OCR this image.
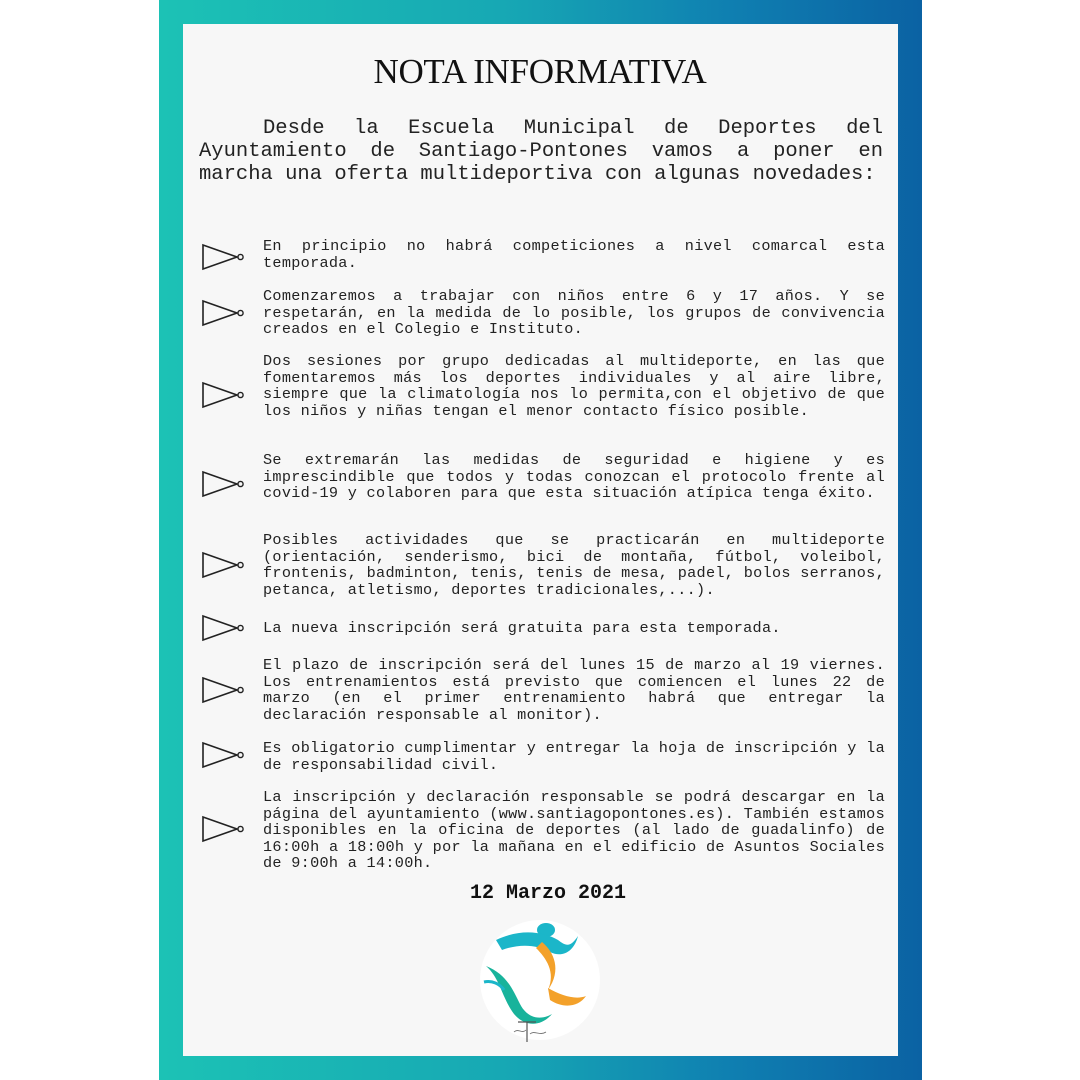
NOTA INFORMATIVA
Desde la Escuela Municipal de Deportes del Ayuntamiento de Santiago-Pontones vamos a poner en marcha una oferta multideportiva con algunas novedades:
En principio no habrá competiciones a nivel comarcal esta temporada.
Comenzaremos a trabajar con niños entre 6 y 17 años. Y se respetarán, en la medida de lo posible, los grupos de convivencia creados en el Colegio e Instituto.
Dos sesiones por grupo dedicadas al multideporte, en las que fomentaremos más los deportes individuales y al aire libre, siempre que la climatología nos lo permita,con el objetivo de que los niños y niñas tengan el menor contacto físico posible.
Se extremarán las medidas de seguridad e higiene y es imprescindible que todos y todas conozcan el protocolo frente al covid-19 y colaboren para que esta situación atípica tenga éxito.
Posibles actividades que se practicarán en multideporte (orientación, senderismo, bici de montaña, fútbol, voleibol, frontenis, badminton, tenis, tenis de mesa, padel, bolos serranos, petanca, atletismo, deportes tradicionales,...).
La nueva inscripción será gratuita para esta temporada.
El plazo de inscripción será del lunes 15 de marzo al 19 viernes. Los entrenamientos está previsto que comiencen el lunes 22 de marzo (en el primer entrenamiento habrá que entregar la declaración responsable al monitor).
Es obligatorio cumplimentar y entregar la hoja de inscripción y la de responsabilidad civil.
La inscripción y declaración responsable se podrá descargar en la página del ayuntamiento (www.santiagopontones.es). También estamos disponibles en la oficina de deportes (al lado de guadalinfo) de 16:00h a 18:00h y por la mañana en el edificio de Asuntos Sociales de 9:00h a 14:00h.
12 Marzo 2021
